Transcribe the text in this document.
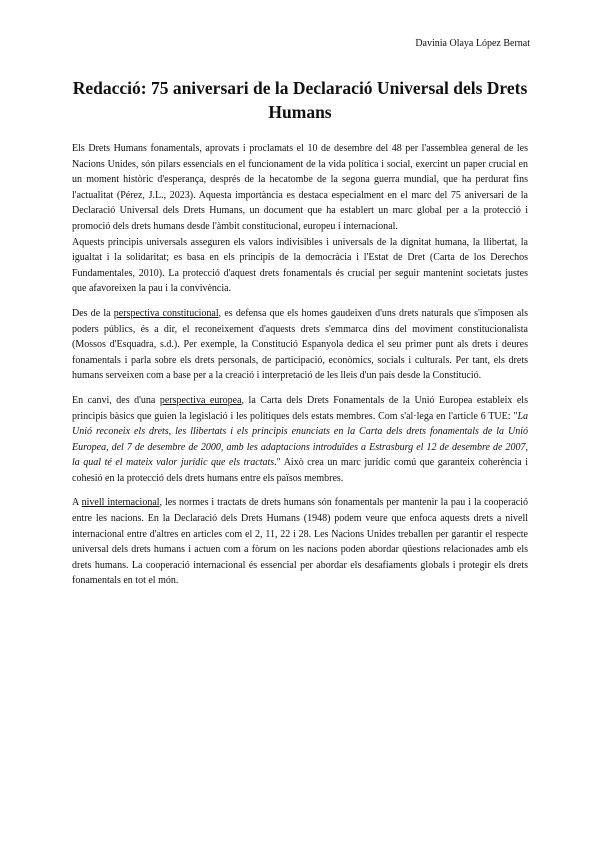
Davinia Olaya López Bernat
Redacció: 75 aniversari de la Declaració Universal dels Drets Humans

Els Drets Humans fonamentals, aprovats i proclamats el 10 de desembre del 48 per l'assemblea general de les Nacions Unides, són pilars essencials en el funcionament de la vida política i social, exercint un paper crucial en un moment històric d'esperança, després de la hecatombe de la segona guerra mundial, que ha perdurat fins l'actualitat (Pérez, J.L., 2023). Aquesta importància es destaca especialment en el marc del 75 aniversari de la Declaració Universal dels Drets Humans, un document que ha establert un marc global per a la protecció i promoció dels drets humans desde l'àmbit constitucional, europeu i internacional.

Aquests principis universals asseguren els valors indivisibles i universals de la dignitat humana, la llibertat, la igualtat i la solidaritat; es basa en els principis de la democràcia i l'Estat de Dret (Carta de los Derechos Fundamentales, 2010). La protecció d'aquest drets fonamentals és crucial per seguir mantenint societats justes que afavoreixen la pau i la convivència.

Des de la perspectiva constitucional, es defensa que els homes gaudeixen d'uns drets naturals que s'imposen als poders públics, és a dir, el reconeixement d'aquests drets s'emmarca dins del moviment constitucionalista (Mossos d'Esquadra, s.d.). Per exemple, la Constitució Espanyola dedica el seu primer punt als drets i deures fonamentals i parla sobre els drets personals, de participació, econòmics, socials i culturals. Per tant, els drets humans serveixen com a base per a la creació i interpretació de les lleis d'un país desde la Constitució.

En canvi, des d'una perspectiva europea, la Carta dels Drets Fonamentals de la Unió Europea estableix els principis bàsics que guien la legislació i les polítiques dels estats membres. Com s'al·lega en l'article 6 TUE: "La Unió reconeix els drets, les llibertats i els principis enunciats en la Carta dels drets fonamentals de la Unió Europea, del 7 de desembre de 2000, amb les adaptacions introduïdes a Estrasburg el 12 de desembre de 2007, la qual té el mateix valor jurídic que els tractats." Això crea un marc jurídic comú que garanteix coherència i cohesió en la protecció dels drets humans entre els països membres.

A nivell internacional, les normes i tractats de drets humans són fonamentals per mantenir la pau i la cooperació entre les nacions. En la Declaració dels Drets Humans (1948) podem veure que enfoca aquests drets a nivell internacional entre d'altres en articles com el 2, 11, 22 i 28. Les Nacions Unides treballen per garantir el respecte universal dels drets humans i actuen com a fòrum on les nacions poden abordar qüestions relacionades amb els drets humans. La cooperació internacional és essencial per abordar els desafiaments globals i protegir els drets fonamentals en tot el món.
